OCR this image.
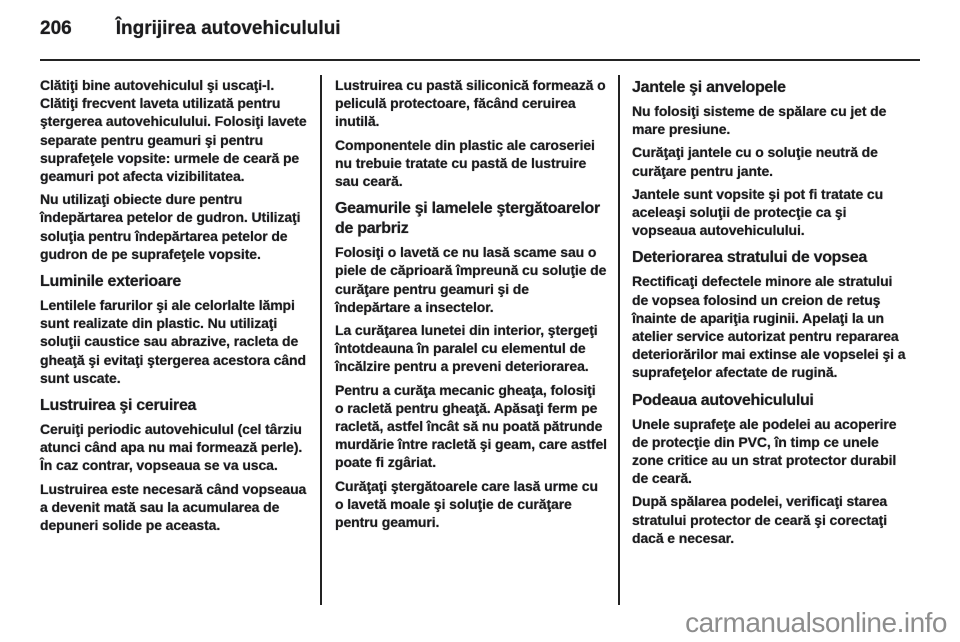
206 Îngrijirea autovehiculului

Clătiţi bine autovehiculul şi uscaţi-l. Clătiţi frecvent laveta utilizată pentru ştergerea autovehiculului. Folosiţi lavete separate pentru geamuri şi pentru suprafeţele vopsite: urmele de ceară pe geamuri pot afecta vizibilitatea.

Nu utilizaţi obiecte dure pentru îndepărtarea petelor de gudron. Utilizaţi soluţia pentru îndepărtarea petelor de gudron de pe suprafeţele vopsite.

Luminile exterioare

Lentilele farurilor şi ale celorlalte lămpi sunt realizate din plastic. Nu utilizaţi soluţii caustice sau abrazive, racleta de gheaţă şi evitaţi ştergerea acestora când sunt uscate.

Lustruirea şi ceruirea

Ceruiţi periodic autovehiculul (cel târziu atunci când apa nu mai formează perle). În caz contrar, vopseaua se va usca.

Lustruirea este necesară când vopseaua a devenit mată sau la acumularea de depuneri solide pe aceasta.

Lustruirea cu pastă siliconică formează o peliculă protectoare, făcând ceruirea inutilă.

Componentele din plastic ale caroseriei nu trebuie tratate cu pastă de lustruire sau ceară.

Geamurile şi lamelele ştergătoarelor de parbriz

Folosiţi o lavetă ce nu lasă scame sau o piele de căprioară împreună cu soluţie de curăţare pentru geamuri şi de îndepărtare a insectelor.

La curăţarea lunetei din interior, ştergeţi întotdeauna în paralel cu elementul de încălzire pentru a preveni deteriorarea.

Pentru a curăţa mecanic gheaţa, folosiţi o racletă pentru gheaţă. Apăsaţi ferm pe racletă, astfel încât să nu poată pătrunde murdărie între racletă şi geam, care astfel poate fi zgâriat.

Curăţaţi ştergătoarele care lasă urme cu o lavetă moale şi soluţie de curăţare pentru geamuri.

Jantele şi anvelopele

Nu folosiţi sisteme de spălare cu jet de mare presiune.

Curăţaţi jantele cu o soluţie neutră de curăţare pentru jante.

Jantele sunt vopsite şi pot fi tratate cu aceleaşi soluţii de protecţie ca şi vopseaua autovehiculului.

Deteriorarea stratului de vopsea

Rectificaţi defectele minore ale stratului de vopsea folosind un creion de retuş înainte de apariţia ruginii. Apelaţi la un atelier service autorizat pentru repararea deteriorărilor mai extinse ale vopselei şi a suprafeţelor afectate de rugină.

Podeaua autovehiculului

Unele suprafeţe ale podelei au acoperire de protecţie din PVC, în timp ce unele zone critice au un strat protector durabil de ceară.

După spălarea podelei, verificaţi starea stratului protector de ceară şi corectaţi dacă e necesar.

carmanualsonline.info
